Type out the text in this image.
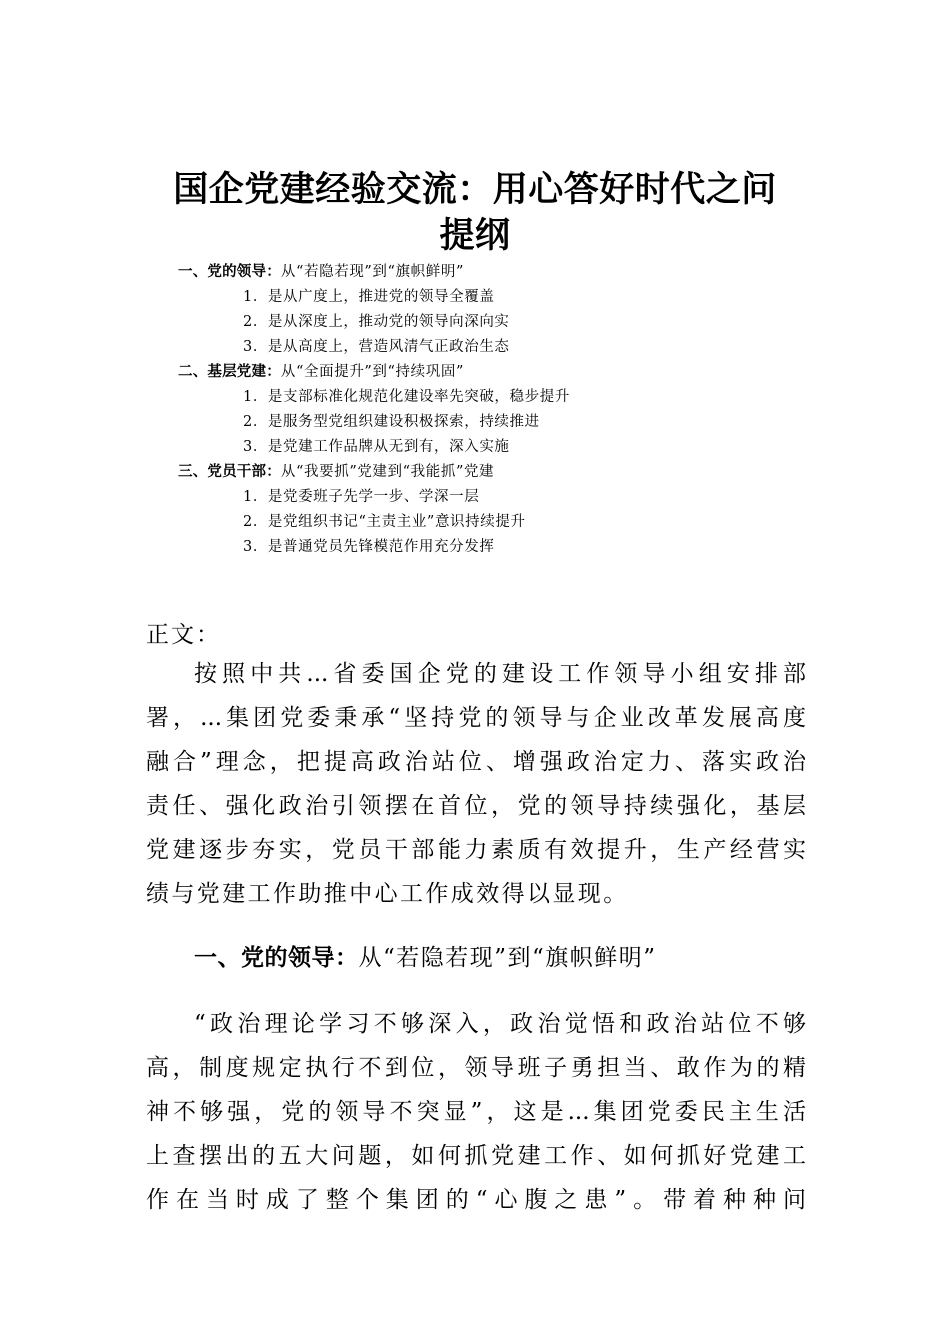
国企党建经验交流：用心答好时代之问
提纲
一、党的领导：从“若隐若现”到“旗帜鲜明”
1．是从广度上，推进党的领导全覆盖
2．是从深度上，推动党的领导向深向实
3．是从高度上，营造风清气正政治生态
二、基层党建：从“全面提升”到“持续巩固”
1．是支部标准化规范化建设率先突破，稳步提升
2．是服务型党组织建设积极探索，持续推进
3．是党建工作品牌从无到有，深入实施
三、党员干部：从“我要抓”党建到“我能抓”党建
1．是党委班子先学一步、学深一层
2．是党组织书记“主责主业”意识持续提升
3．是普通党员先锋模范作用充分发挥
正文：
按照中共...省委国企党的建设工作领导小组安排部
署，...集团党委秉承“坚持党的领导与企业改革发展高度
融合”理念，把提高政治站位、增强政治定力、落实政治
责任、强化政治引领摆在首位，党的领导持续强化，基层
党建逐步夯实，党员干部能力素质有效提升，生产经营实
绩与党建工作助推中心工作成效得以显现。
一、党的领导：从“若隐若现”到“旗帜鲜明”
“政治理论学习不够深入，政治觉悟和政治站位不够
高，制度规定执行不到位，领导班子勇担当、敢作为的精
神不够强，党的领导不突显”，这是...集团党委民主生活
上查摆出的五大问题，如何抓党建工作、如何抓好党建工
作在当时成了整个集团的“心腹之患”。带着种种问
